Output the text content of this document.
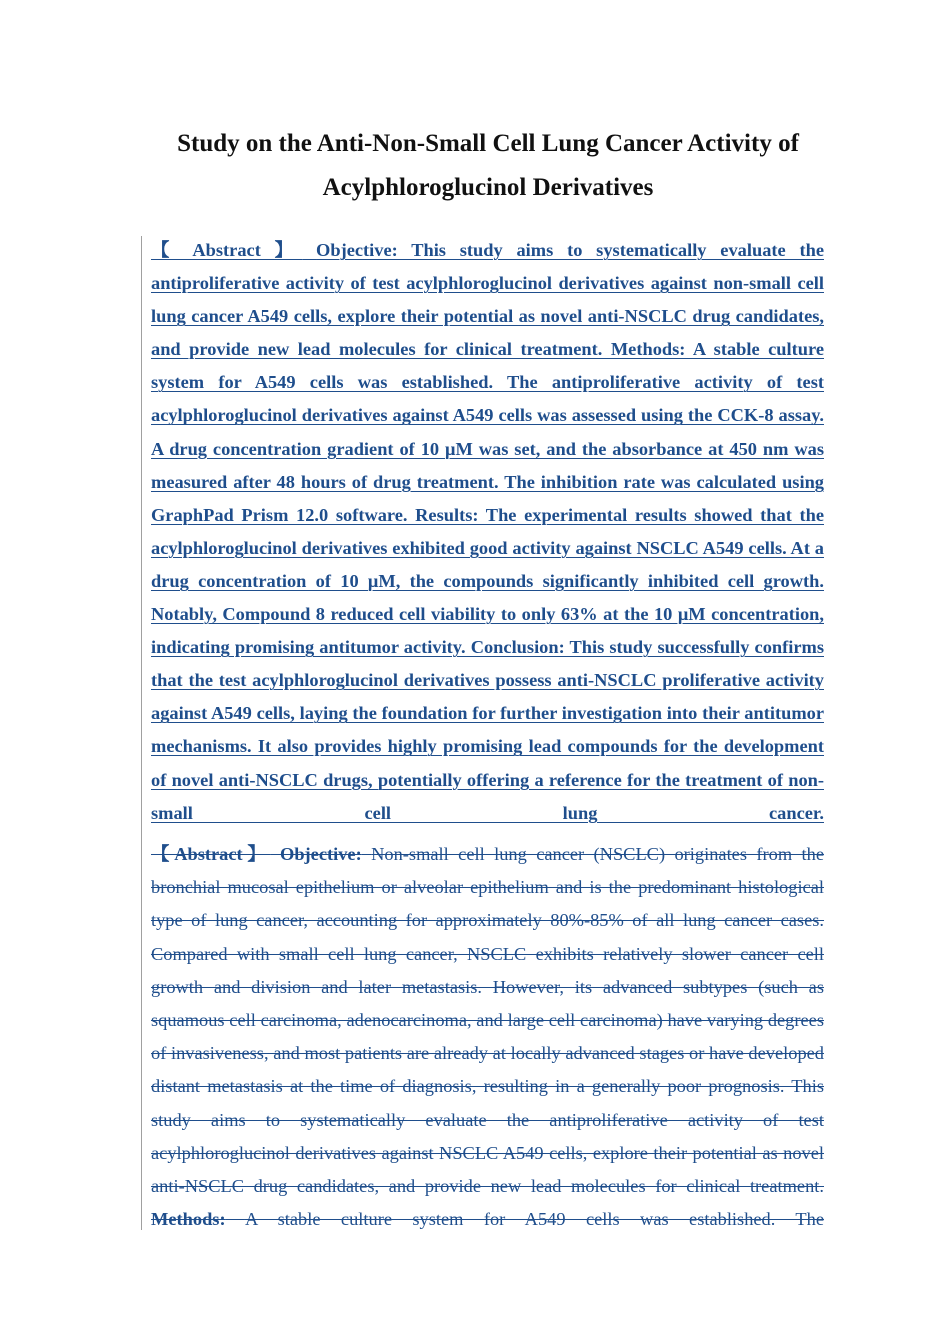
Study on the Anti-Non-Small Cell Lung Cancer Activity of Acylphloroglucinol Derivatives
【 Abstract 】 Objective: This study aims to systematically evaluate the antiproliferative activity of test acylphloroglucinol derivatives against non-small cell lung cancer A549 cells, explore their potential as novel anti-NSCLC drug candidates, and provide new lead molecules for clinical treatment. Methods: A stable culture system for A549 cells was established. The antiproliferative activity of test acylphloroglucinol derivatives against A549 cells was assessed using the CCK-8 assay. A drug concentration gradient of 10 μM was set, and the absorbance at 450 nm was measured after 48 hours of drug treatment. The inhibition rate was calculated using GraphPad Prism 12.0 software. Results: The experimental results showed that the acylphloroglucinol derivatives exhibited good activity against NSCLC A549 cells. At a drug concentration of 10 μM, the compounds significantly inhibited cell growth. Notably, Compound 8 reduced cell viability to only 63% at the 10 μM concentration, indicating promising antitumor activity. Conclusion: This study successfully confirms that the test acylphloroglucinol derivatives possess anti-NSCLC proliferative activity against A549 cells, laying the foundation for further investigation into their antitumor mechanisms. It also provides highly promising lead compounds for the development of novel anti-NSCLC drugs, potentially offering a reference for the treatment of non-small cell lung cancer.
【Abstract】 Objective: Non-small cell lung cancer (NSCLC) originates from the bronchial mucosal epithelium or alveolar epithelium and is the predominant histological type of lung cancer, accounting for approximately 80%-85% of all lung cancer cases. Compared with small cell lung cancer, NSCLC exhibits relatively slower cancer cell growth and division and later metastasis. However, its advanced subtypes (such as squamous cell carcinoma, adenocarcinoma, and large cell carcinoma) have varying degrees of invasiveness, and most patients are already at locally advanced stages or have developed distant metastasis at the time of diagnosis, resulting in a generally poor prognosis. This study aims to systematically evaluate the antiproliferative activity of test acylphloroglucinol derivatives against NSCLC A549 cells, explore their potential as novel anti-NSCLC drug candidates, and provide new lead molecules for clinical treatment. Methods: A stable culture system for A549 cells was established. The
